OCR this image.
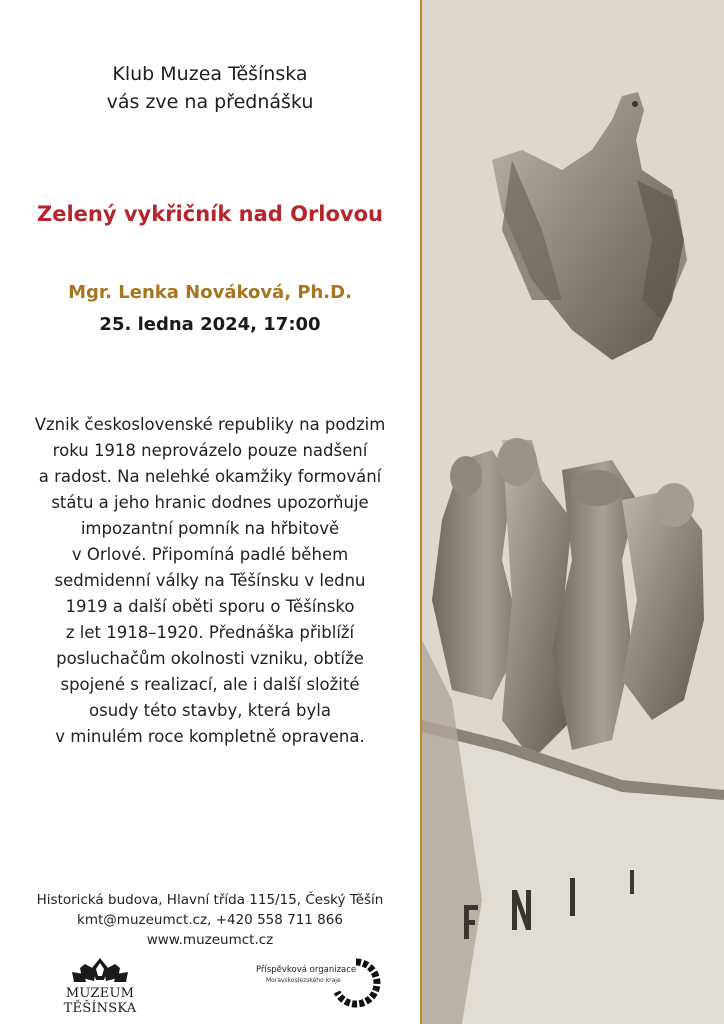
Klub Muzea Těšínska
vás zve na přednášku
Zelený vykřičník nad Orlovou
Mgr. Lenka Nováková, Ph.D.
25. ledna 2024, 17:00
Vznik československé republiky na podzim
roku 1918 neprovázelo pouze nadšení
a radost. Na nelehké okamžiky formování
státu a jeho hranic dodnes upozorňuje
impozantní pomník na hřbitově
v Orlové. Připomíná padlé během
sedmidenní války na Těšínsku v lednu
1919 a další oběti sporu o Těšínsko
z let 1918–1920. Přednáška přiblíží
posluchačům okolnosti vzniku, obtíže
spojené s realizací, ale i další složité
osudy této stavby, která byla
v minulém roce kompletně opravena.
Historická budova, Hlavní třída 115/15, Český Těšín
kmt@muzeumct.cz, +420 558 711 866
www.muzeumct.cz
MUZEUM TĚŠÍNSKA
Příspěvková organizace
Moravskoslezského kraje
